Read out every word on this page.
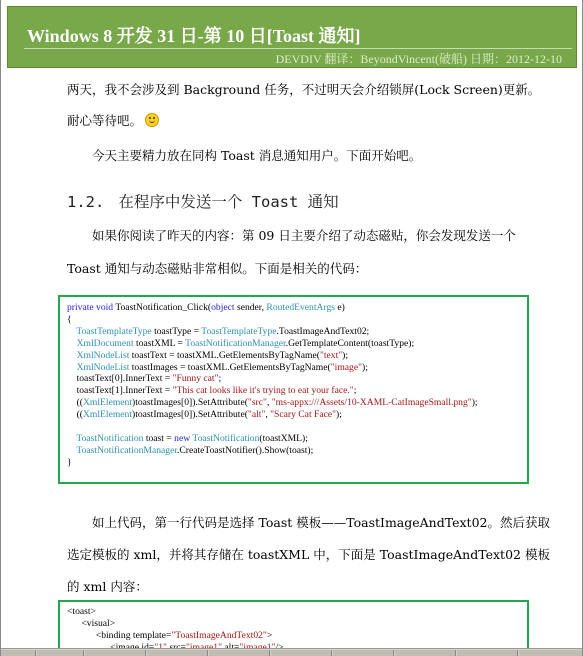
Windows 8 开发 31 日-第 10 日[Toast 通知]
DEVDIV 翻译：BeyondVincent(破船) 日期：2012-12-10
两天，我不会涉及到 Background 任务，不过明天会介绍锁屏(Lock Screen)更新。
耐心等待吧。
今天主要精力放在同构 Toast 消息通知用户。下面开始吧。
1.2. 在程序中发送一个 Toast 通知
如果你阅读了昨天的内容：第 09 日主要介绍了动态磁贴，你会发现发送一个
Toast 通知与动态磁贴非常相似。下面是相关的代码：
private void ToastNotification_Click(object sender, RoutedEventArgs e)
{
ToastTemplateType toastType = ToastTemplateType.ToastImageAndText02;
XmlDocument toastXML = ToastNotificationManager.GetTemplateContent(toastType);
XmlNodeList toastText = toastXML.GetElementsByTagName("text");
XmlNodeList toastImages = toastXML.GetElementsByTagName("image");
toastText[0].InnerText = "Funny cat";
toastText[1].InnerText = "This cat looks like it's trying to eat your face.";
((XmlElement)toastImages[0]).SetAttribute("src", "ms-appx:///Assets/10-XAML-CatImageSmall.png");
((XmlElement)toastImages[0]).SetAttribute("alt", "Scary Cat Face");

ToastNotification toast = new ToastNotification(toastXML);
ToastNotificationManager.CreateToastNotifier().Show(toast);
}
如上代码，第一行代码是选择 Toast 模板——ToastImageAndText02。然后获取
选定模板的 xml，并将其存储在 toastXML 中，下面是 ToastImageAndText02 模板
的 xml 内容：
<toast>
<visual>
<binding template="ToastImageAndText02">
